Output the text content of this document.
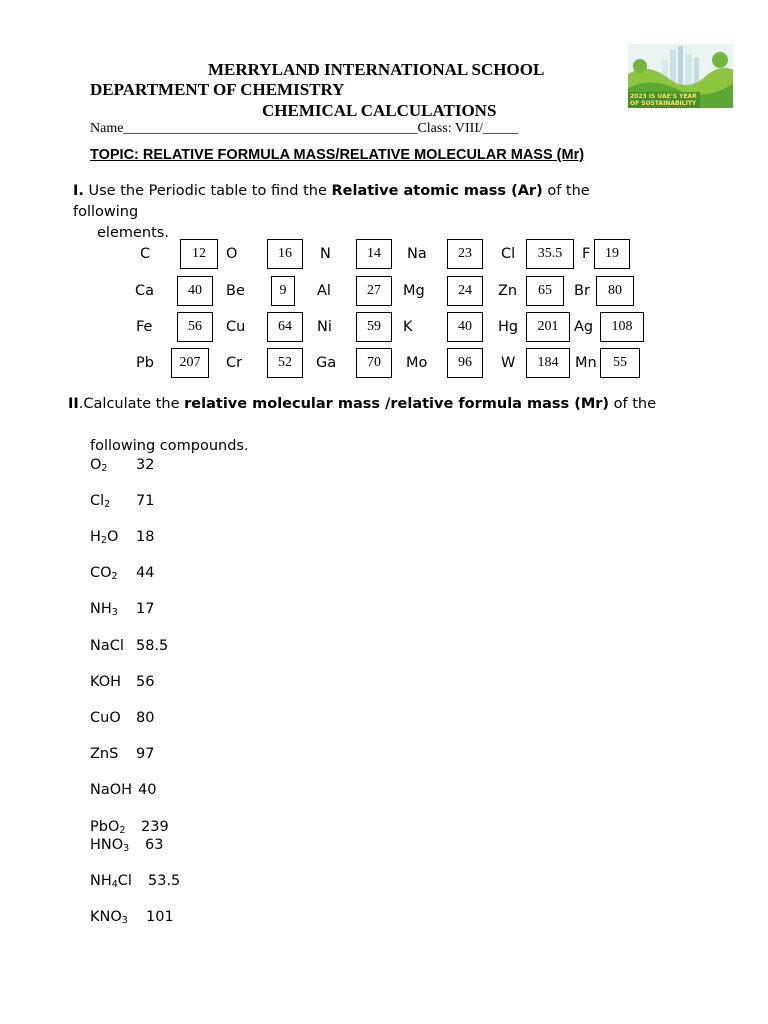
MERRYLAND INTERNATIONAL SCHOOL
DEPARTMENT OF CHEMISTRY
CHEMICAL CALCULATIONS
Name__________________________________________Class: VIII/_____
2023 IS UAE'S YEAR OF SUSTAINABILITY
TOPIC: RELATIVE FORMULA MASS/RELATIVE MOLECULAR MASS (Mr)
I. Use the Periodic table to find the Relative atomic mass (Ar) of the following
elements.
C	12	O	16	N	14	Na	23	Cl	35.5	F	19
Ca	40	Be	9	Al	27	Mg	24	Zn	65	Br	80
Fe	56	Cu	64	Ni	59	K	40	Hg	201	Ag	108
Pb	207	Cr	52	Ga	70	Mo	96	W	184	Mn	55
II.Calculate the relative molecular mass /relative formula mass (Mr) of the
following compounds.
$O_2$ 32
$Cl_2$ 71
$H_2O$ 18
$CO_2$ 44
$NH_3$ 17
NaCl 58.5
KOH 56
CuO 80
ZnS 97
NaOH 40
PbO$_2$ 239
$HNO_3$ 63
$NH_4Cl$ 53.5
$KNO_3$ 101
